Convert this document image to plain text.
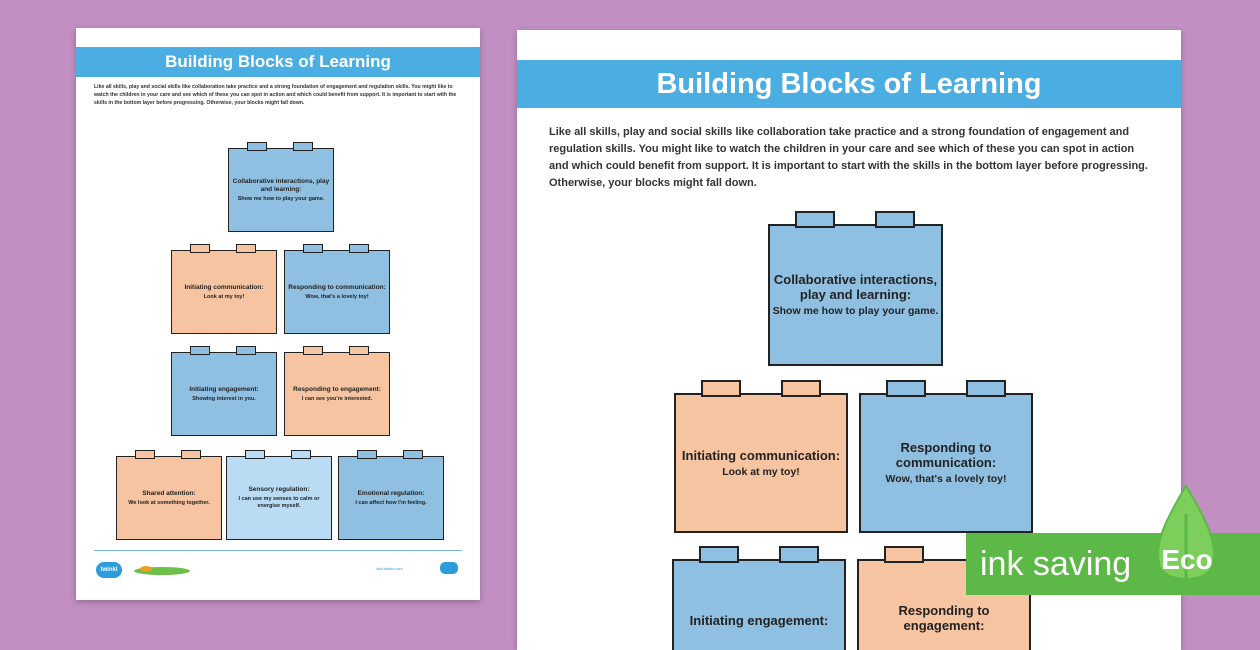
Building Blocks of Learning
Like all skills, play and social skills like collaboration take practice and a strong foundation of engagement and regulation skills. You might like to watch the children in your care and see which of these you can spot in action and which could benefit from support. It is important to start with the skills in the bottom layer before progressing. Otherwise, your blocks might fall down.
Collaborative interactions, play and learning:
Show me how to play your game.
Initiating communication:
Look at my toy!
Responding to communication:
Wow, that's a lovely toy!
Initiating engagement:
Showing interest in you.
Responding to engagement:
I can see you're interested.
Shared attention:
We look at something together.
Sensory regulation:
I can use my senses to calm or energise myself.
Emotional regulation:
I can affect how I'm feeling.
twinkl	visit twinkl.com
Building Blocks of Learning
Like all skills, play and social skills like collaboration take practice and a strong foundation of engagement and regulation skills. You might like to watch the children in your care and see which of these you can spot in action and which could benefit from support. It is important to start with the skills in the bottom layer before progressing. Otherwise, your blocks might fall down.
Collaborative interactions, play and learning:
Show me how to play your game.
Initiating communication:
Look at my toy!
Responding to communication:
Wow, that's a lovely toy!
Initiating engagement:
Responding to engagement:
ink saving Eco
